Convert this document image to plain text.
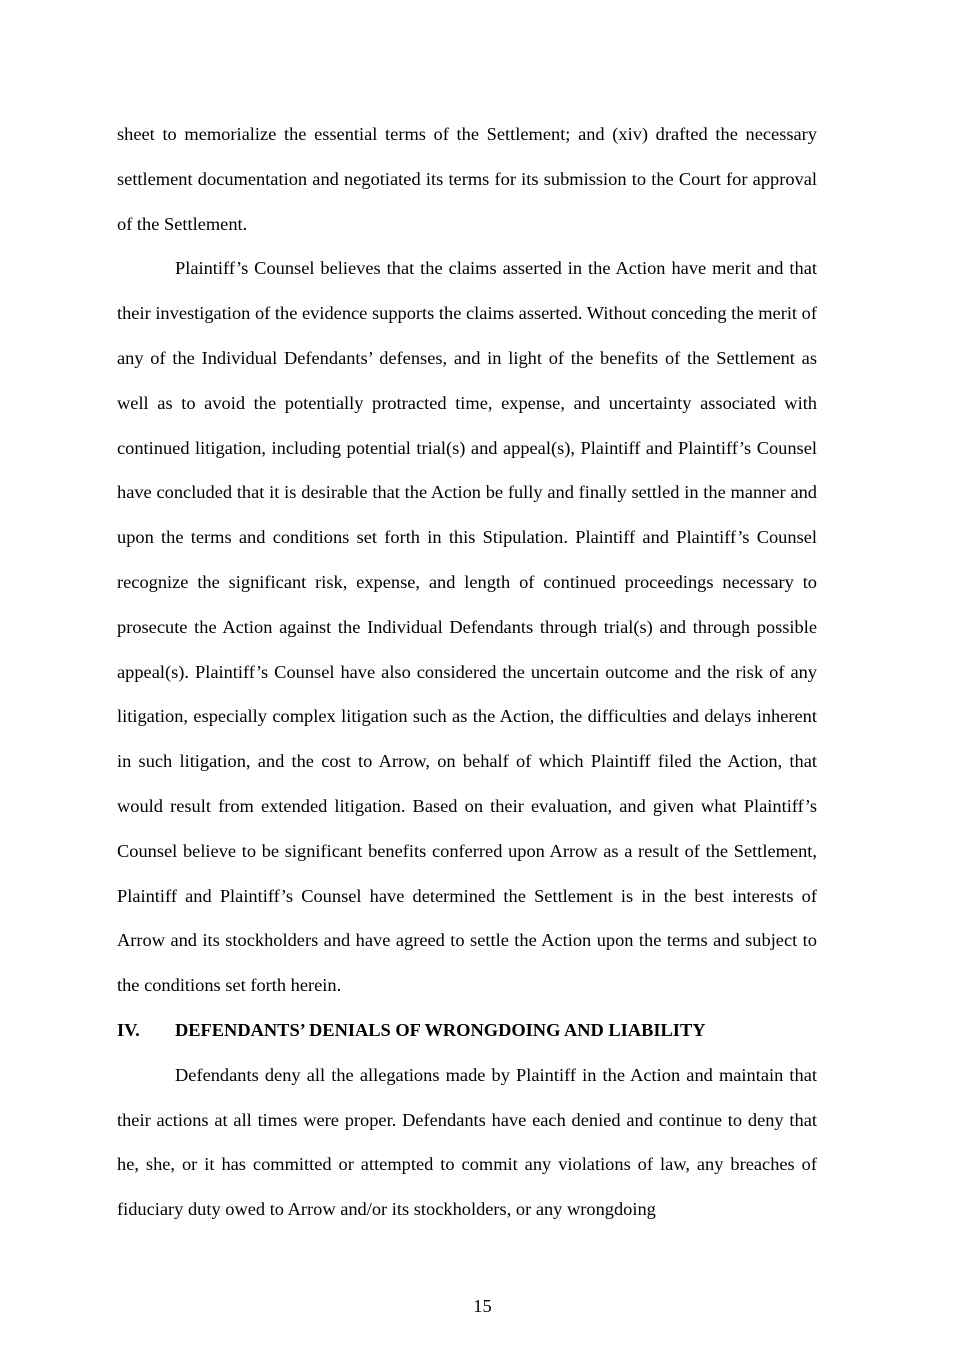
sheet to memorialize the essential terms of the Settlement; and (xiv) drafted the necessary settlement documentation and negotiated its terms for its submission to the Court for approval of the Settlement.

Plaintiff’s Counsel believes that the claims asserted in the Action have merit and that their investigation of the evidence supports the claims asserted. Without conceding the merit of any of the Individual Defendants’ defenses, and in light of the benefits of the Settlement as well as to avoid the potentially protracted time, expense, and uncertainty associated with continued litigation, including potential trial(s) and appeal(s), Plaintiff and Plaintiff’s Counsel have concluded that it is desirable that the Action be fully and finally settled in the manner and upon the terms and conditions set forth in this Stipulation. Plaintiff and Plaintiff’s Counsel recognize the significant risk, expense, and length of continued proceedings necessary to prosecute the Action against the Individual Defendants through trial(s) and through possible appeal(s). Plaintiff’s Counsel have also considered the uncertain outcome and the risk of any litigation, especially complex litigation such as the Action, the difficulties and delays inherent in such litigation, and the cost to Arrow, on behalf of which Plaintiff filed the Action, that would result from extended litigation. Based on their evaluation, and given what Plaintiff’s Counsel believe to be significant benefits conferred upon Arrow as a result of the Settlement, Plaintiff and Plaintiff’s Counsel have determined the Settlement is in the best interests of Arrow and its stockholders and have agreed to settle the Action upon the terms and subject to the conditions set forth herein.

IV.	DEFENDANTS’ DENIALS OF WRONGDOING AND LIABILITY

Defendants deny all the allegations made by Plaintiff in the Action and maintain that their actions at all times were proper. Defendants have each denied and continue to deny that he, she, or it has committed or attempted to commit any violations of law, any breaches of fiduciary duty owed to Arrow and/or its stockholders, or any wrongdoing

15
